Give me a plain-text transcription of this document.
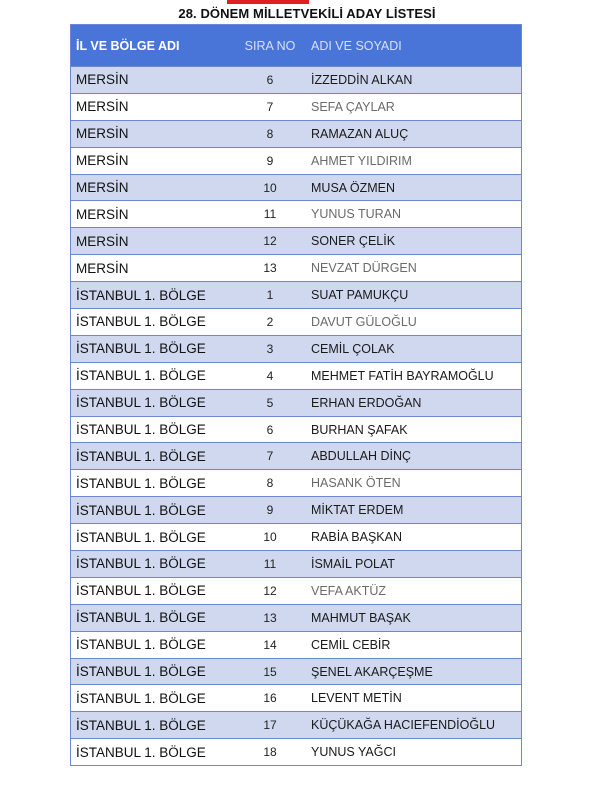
28. DÖNEM MİLLETVEKİLİ ADAY LİSTESİ
İL VE BÖLGE ADI	SIRA NO	ADI VE SOYADI
MERSİN	6	İZZEDDİN ALKAN
MERSİN	7	SEFA ÇAYLAR
MERSİN	8	RAMAZAN ALUÇ
MERSİN	9	AHMET YILDIRIM
MERSİN	10	MUSA ÖZMEN
MERSİN	11	YUNUS TURAN
MERSİN	12	SONER ÇELİK
MERSİN	13	NEVZAT DÜRGEN
İSTANBUL 1. BÖLGE	1	SUAT PAMUKÇU
İSTANBUL 1. BÖLGE	2	DAVUT GÜLOĞLU
İSTANBUL 1. BÖLGE	3	CEMİL ÇOLAK
İSTANBUL 1. BÖLGE	4	MEHMET FATİH BAYRAMOĞLU
İSTANBUL 1. BÖLGE	5	ERHAN ERDOĞAN
İSTANBUL 1. BÖLGE	6	BURHAN ŞAFAK
İSTANBUL 1. BÖLGE	7	ABDULLAH DİNÇ
İSTANBUL 1. BÖLGE	8	HASANK ÖTEN
İSTANBUL 1. BÖLGE	9	MİKTAT ERDEM
İSTANBUL 1. BÖLGE	10	RABİA BAŞKAN
İSTANBUL 1. BÖLGE	11	İSMAİL POLAT
İSTANBUL 1. BÖLGE	12	VEFA AKTÜZ
İSTANBUL 1. BÖLGE	13	MAHMUT BAŞAK
İSTANBUL 1. BÖLGE	14	CEMİL CEBİR
İSTANBUL 1. BÖLGE	15	ŞENEL AKARÇEŞME
İSTANBUL 1. BÖLGE	16	LEVENT METİN
İSTANBUL 1. BÖLGE	17	KÜÇÜKAĞA HACIEFENDİOĞLU
İSTANBUL 1. BÖLGE	18	YUNUS YAĞCI
